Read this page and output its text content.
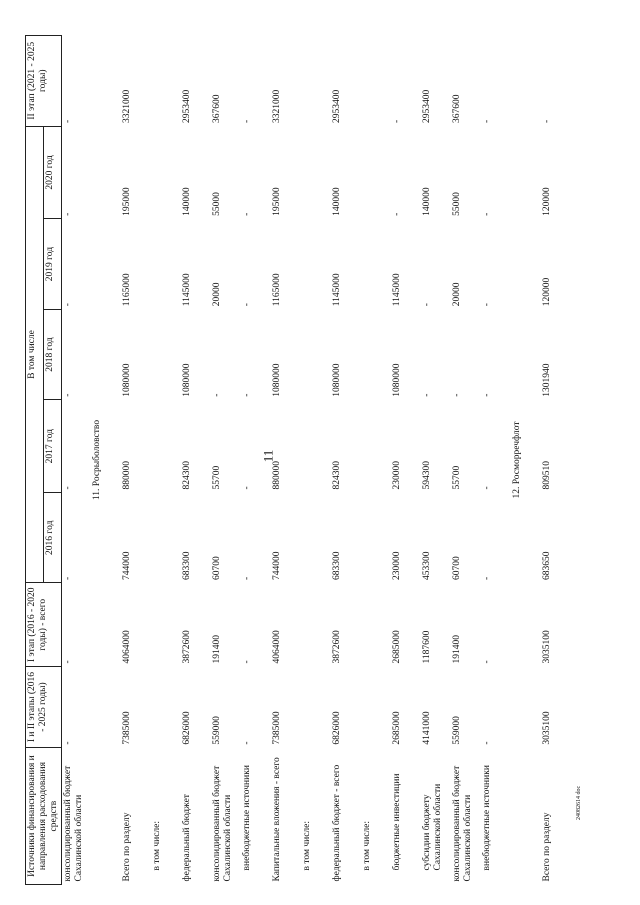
11
24082614 doc
Источники финансирования и направления расходования средств	I и II этапы (2016 - 2025 годы)	I этап (2016 - 2020 годы) - всего	В том числе					II этап (2021 - 2025 годы)
			2016 год	2017 год	2018 год	2019 год	2020 год	
консолидированный бюджет Сахалинской области	-	-	-	-	-	-	-	-
11. Росрыболовство								
Всего по разделу	7385000	4064000	744000	880000	1080000	1165000	195000	3321000
в том числе:								
федеральный бюджет	6826000	3872600	683300	824300	1080000	1145000	140000	2953400
консолидированный бюджет Сахалинской области	559000	191400	60700	55700	-	20000	55000	367600
внебюджетные источники	-	-	-	-	-	-	-	-
Капитальные вложения - всего	7385000	4064000	744000	880000	1080000	1165000	195000	3321000
в том числе:								
федеральный бюджет - всего	6826000	3872600	683300	824300	1080000	1145000	140000	2953400
в том числе:								
бюджетные инвестиции	2685000	2685000	230000	230000	1080000	1145000	-	-
субсидии бюджету Сахалинской области	4141000	1187600	453300	594300	-	-	140000	2953400
консолидированный бюджет Сахалинской области	559000	191400	60700	55700	-	20000	55000	367600
внебюджетные источники	-	-	-	-	-	-	-	-
12. Росморречфлот								
Всего по разделу	3035100	3035100	683650	809510	1301940	120000	120000	-
